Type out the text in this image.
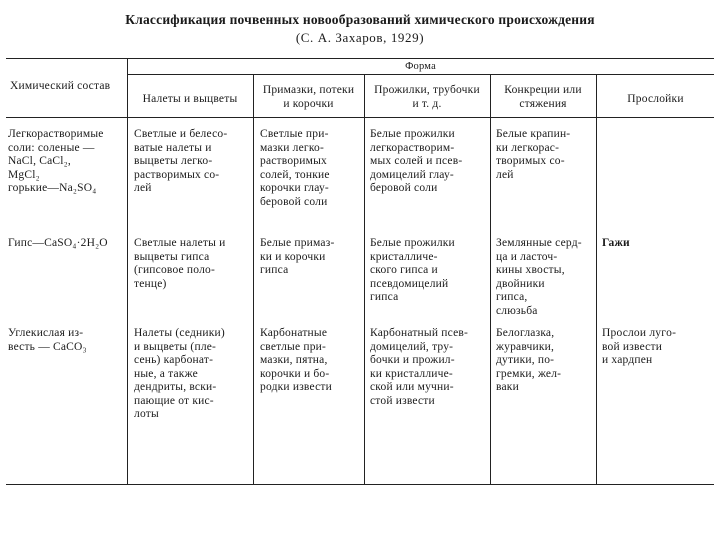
Классификация почвенных новообразований химического происхождения
(С. А. Захаров, 1929)
Форма
Химический состав
Налеты и выцветы
Примазки, потеки
и корочки
Прожилки, трубочки
и т. д.
Конкреции или
стяжения	Прослойки
Легкорастворимые
соли: соленые —
NaCl, CaCl₂,
MgCl₂
горькие—Na₂SO₄
Светлые и белесо-
ватые налеты и
выцветы легко-
растворимых со-
лей
Светлые при-
мазки легко-
растворимых
солей, тонкие
корочки глау-
беровой соли
Белые прожилки
легкорастворим-
мых солей и псев-
домицелий глау-
беровой соли
Белые крапин-
ки легкорас-
творимых со-
лей
Гипс—CaSO₄·2H₂O	Светлые налеты и
выцветы гипса
(гипсовое поло-
тенце)
Белые примаз-
ки и корочки
гипса
Белые прожилки
кристалличе-
ского гипса и
псевдомицелий
гипса
Землянные серд-
ца и ласточ-
кины хвосты,
двойники
гипса,
слюзьба
Гажи
Углекислая из-
весть — CaCO₃
Налеты (седники)
и выцветы (пле-
сень) карбонат-
ные, а также
дендриты, вски-
пающие от кис-
лоты
Карбонатные
светлые при-
мазки, пятна,
корочки и бо-
родки извести
Карбонатный псев-
домицелий, тру-
бочки и прожил-
ки кристалличе-
ской или мучни-
стой извести
Белоглазка,
журавчики,
дутики, по-
гремки, жел-
ваки
Прослои лугo-
вой извести
и хардпен
